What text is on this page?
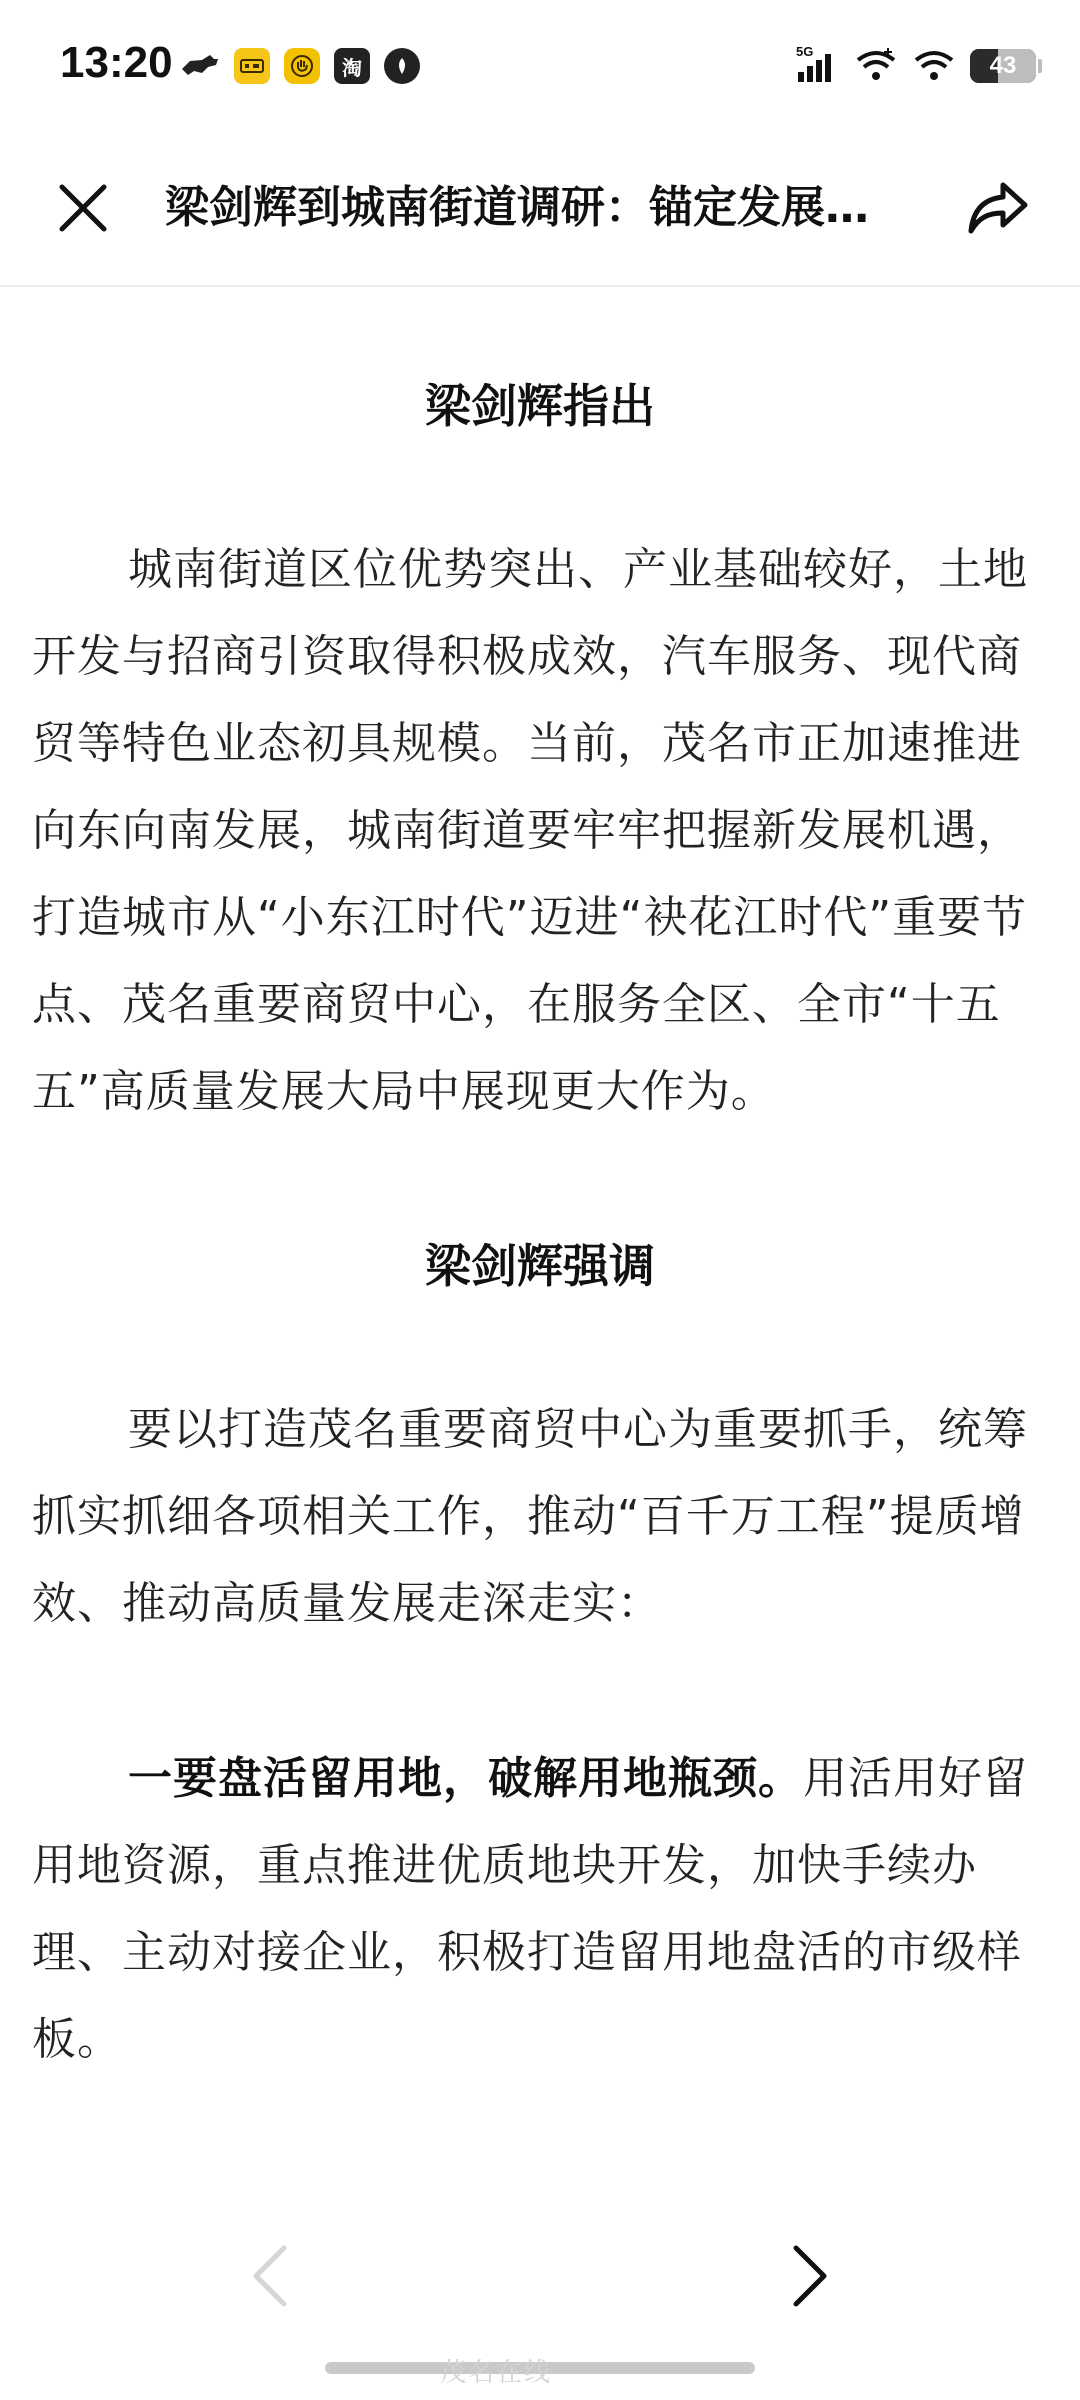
13:20	淘
5G
43
梁剑辉到城南街道调研：锚定发展…
梁剑辉指出

城南街道区位优势突出、产业基础较好，土地开发与招商引资取得积极成效，汽车服务、现代商贸等特色业态初具规模。当前，茂名市正加速推进向东向南发展，城南街道要牢牢把握新发展机遇，打造城市从“小东江时代”迈进“袂花江时代”重要节点、茂名重要商贸中心，在服务全区、全市“十五五”高质量发展大局中展现更大作为。

梁剑辉强调

要以打造茂名重要商贸中心为重要抓手，统筹抓实抓细各项相关工作，推动“百千万工程”提质增效、推动高质量发展走深走实：

一要盘活留用地，破解用地瓶颈。用活用好留用地资源，重点推进优质地块开发，加快手续办理、主动对接企业，积极打造留用地盘活的市级样板。

茂名在线
